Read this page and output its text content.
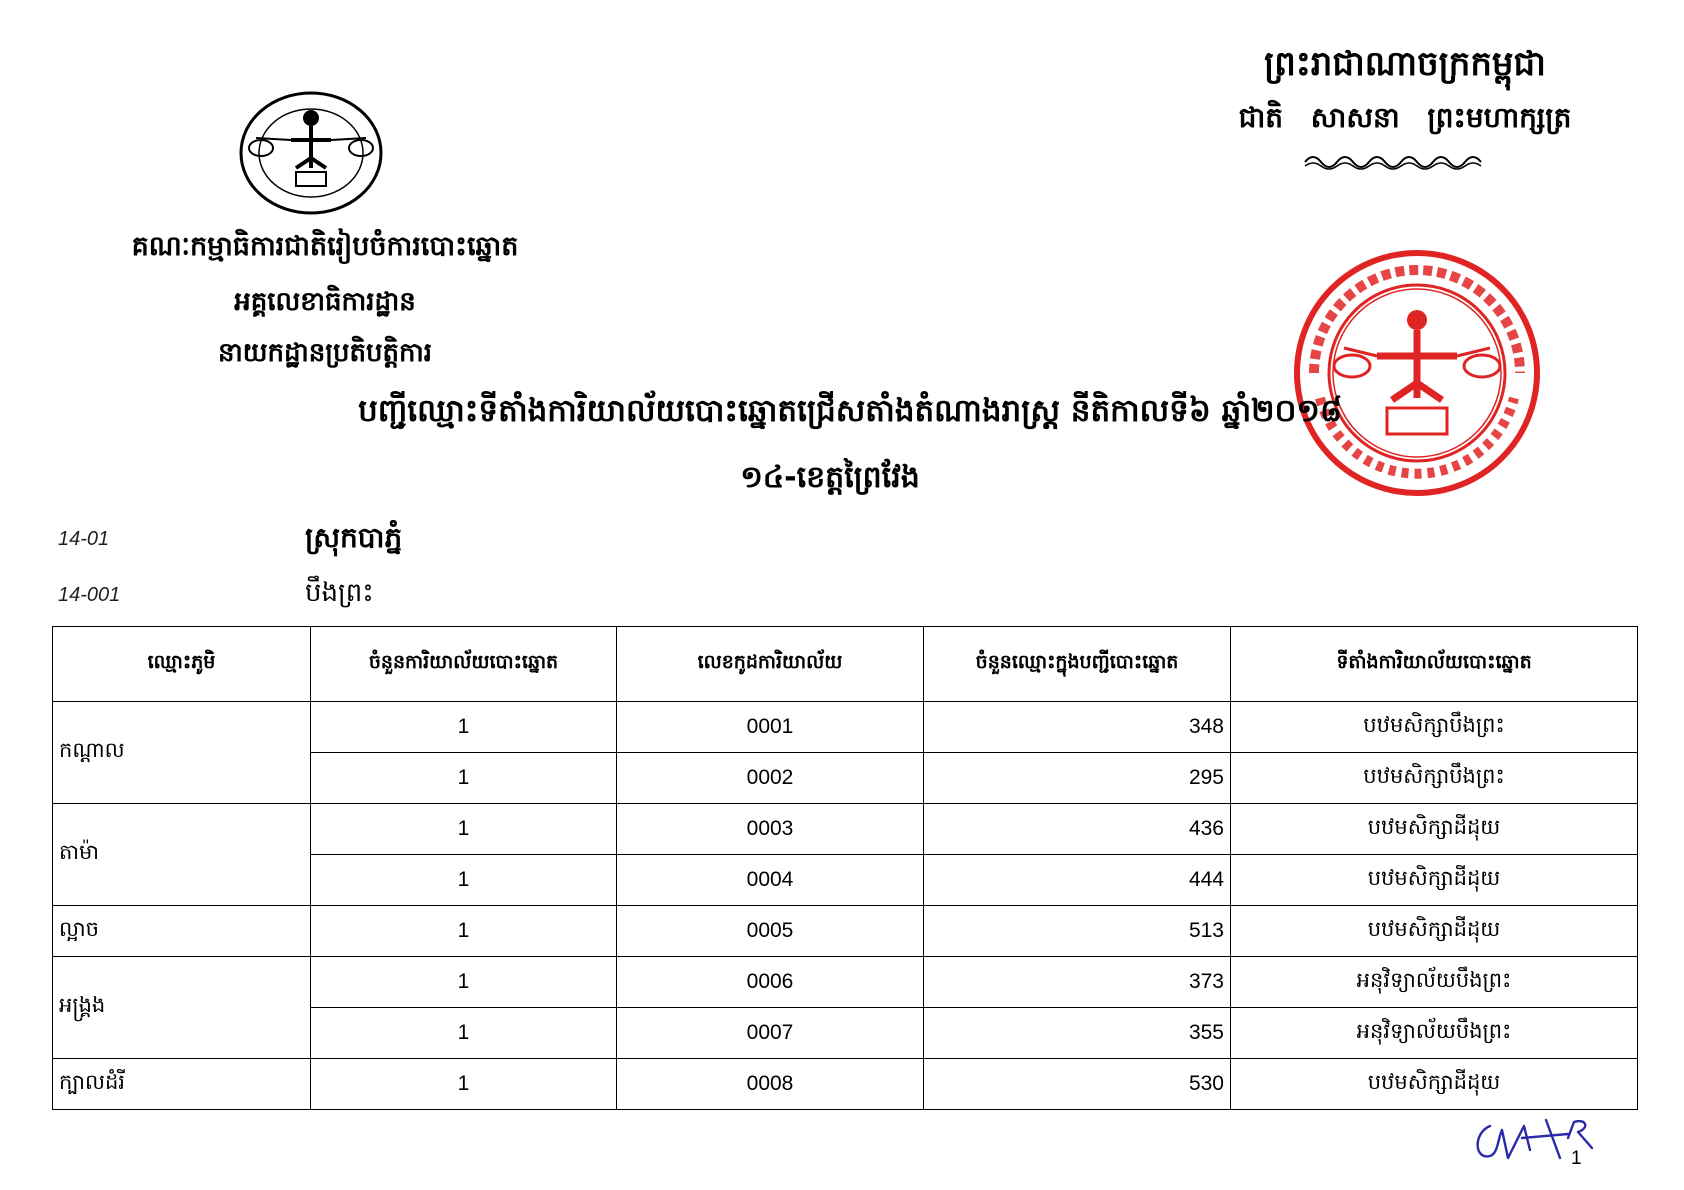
ព្រះរាជាណាចក្រកម្ពុជា
ជាតិ សាសនា ព្រះមហាក្សត្រ
គណៈកម្មាធិការជាតិរៀបចំការបោះឆ្នោត
អគ្គលេខាធិការដ្ឋាន
នាយកដ្ឋានប្រតិបត្តិការ
បញ្ជីឈ្មោះទីតាំងការិយាល័យបោះឆ្នោតជ្រើសតាំងតំណាងរាស្ត្រ នីតិកាលទី៦ ឆ្នាំ២០១៨
១៤-ខេត្តព្រៃវែង
14-01	ស្រុកបាភ្នំ
14-001	បឹងព្រះ
ឈ្មោះភូមិ	ចំនួនការិយាល័យបោះឆ្នោត	លេខកូដការិយាល័យ	ចំនួនឈ្មោះក្នុងបញ្ជីបោះឆ្នោត	ទីតាំងការិយាល័យបោះឆ្នោត
កណ្ដាល	1	0001	348	បឋមសិក្សាបឹងព្រះ
	1	0002	295	បឋមសិក្សាបឹងព្រះ
តាម៉ា	1	0003	436	បឋមសិក្សាដីដុយ
	1	0004	444	បឋមសិក្សាដីដុយ
ល្អាច	1	0005	513	បឋមសិក្សាដីដុយ
អង្គ្រង	1	0006	373	អនុវិទ្យាល័យបឹងព្រះ
	1	0007	355	អនុវិទ្យាល័យបឹងព្រះ
ក្បាលដំរី	1	0008	530	បឋមសិក្សាដីដុយ
1
